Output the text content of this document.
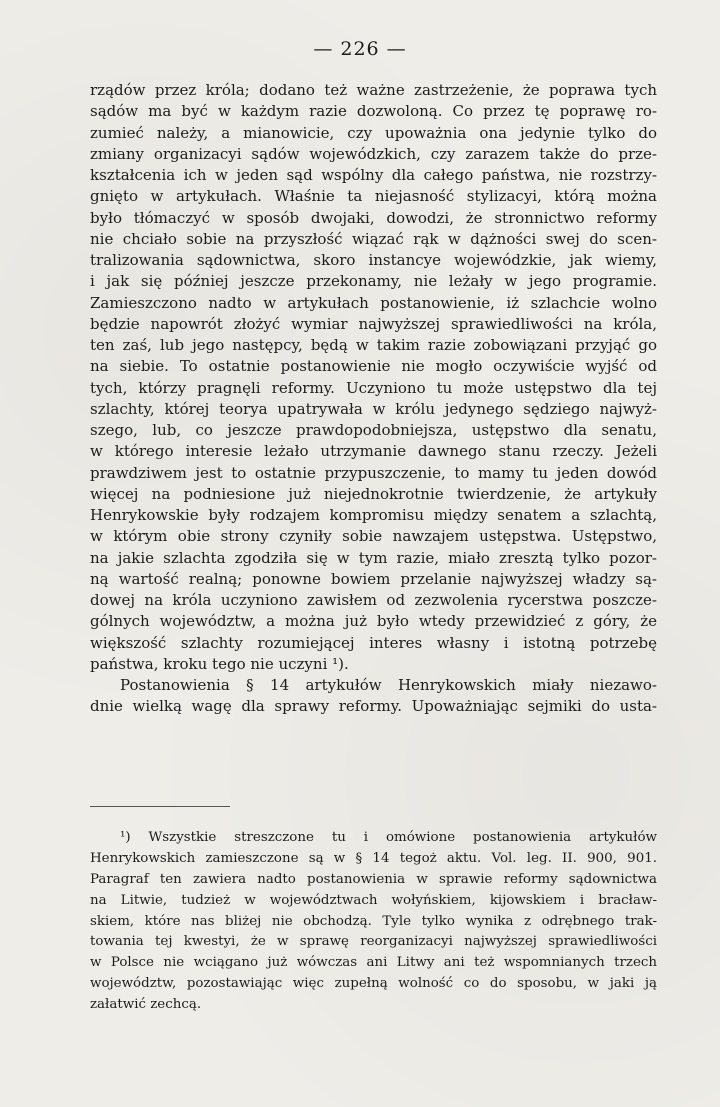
— 226 —
rządów przez króla; dodano też ważne zastrzeżenie, że poprawa tych
sądów ma być w każdym razie dozwoloną. Co przez tę poprawę ro-
zumieć należy, a mianowicie, czy upoważnia ona jedynie tylko do
zmiany organizacyi sądów wojewódzkich, czy zarazem także do prze-
kształcenia ich w jeden sąd wspólny dla całego państwa, nie rozstrzy-
gnięto w artykułach. Właśnie ta niejasność stylizacyi, którą można
było tłómaczyć w sposób dwojaki, dowodzi, że stronnictwo reformy
nie chciało sobie na przyszłość wiązać rąk w dążności swej do scen-
tralizowania sądownictwa, skoro instancye wojewódzkie, jak wiemy,
i jak się później jeszcze przekonamy, nie leżały w jego programie.
Zamieszczono nadto w artykułach postanowienie, iż szlachcie wolno
będzie napowrót złożyć wymiar najwyższej sprawiedliwości na króla,
ten zaś, lub jego następcy, będą w takim razie zobowiązani przyjąć go
na siebie. To ostatnie postanowienie nie mogło oczywiście wyjść od
tych, którzy pragnęli reformy. Uczyniono tu może ustępstwo dla tej
szlachty, której teorya upatrywała w królu jedynego sędziego najwyż-
szego, lub, co jeszcze prawdopodobniejsza, ustępstwo dla senatu,
w którego interesie leżało utrzymanie dawnego stanu rzeczy. Jeżeli
prawdziwem jest to ostatnie przypuszczenie, to mamy tu jeden dowód
więcej na podniesione już niejednokrotnie twierdzenie, że artykuły
Henrykowskie były rodzajem kompromisu między senatem a szlachtą,
w którym obie strony czyniły sobie nawzajem ustępstwa. Ustępstwo,
na jakie szlachta zgodziła się w tym razie, miało zresztą tylko pozor-
ną wartość realną; ponowne bowiem przelanie najwyższej władzy są-
dowej na króla uczyniono zawisłem od zezwolenia rycerstwa poszcze-
gólnych województw, a można już było wtedy przewidzieć z góry, że
większość szlachty rozumiejącej interes własny i istotną potrzebę
państwa, kroku tego nie uczyni ¹).
Postanowienia § 14 artykułów Henrykowskich miały niezawo-
dnie wielką wagę dla sprawy reformy. Upoważniając sejmiki do usta-
¹) Wszystkie streszczone tu i omówione postanowienia artykułów
Henrykowskich zamieszczone są w § 14 tegoż aktu. Vol. leg. II. 900, 901.
Paragraf ten zawiera nadto postanowienia w sprawie reformy sądownictwa
na Litwie, tudzież w województwach wołyńskiem, kijowskiem i bracław-
skiem, które nas bliżej nie obchodzą. Tyle tylko wynika z odrębnego trak-
towania tej kwestyi, że w sprawę reorganizacyi najwyższej sprawiedliwości
w Polsce nie wciągano już wówczas ani Litwy ani też wspomnianych trzech
województw, pozostawiając więc zupełną wolność co do sposobu, w jaki ją
załatwić zechcą.
